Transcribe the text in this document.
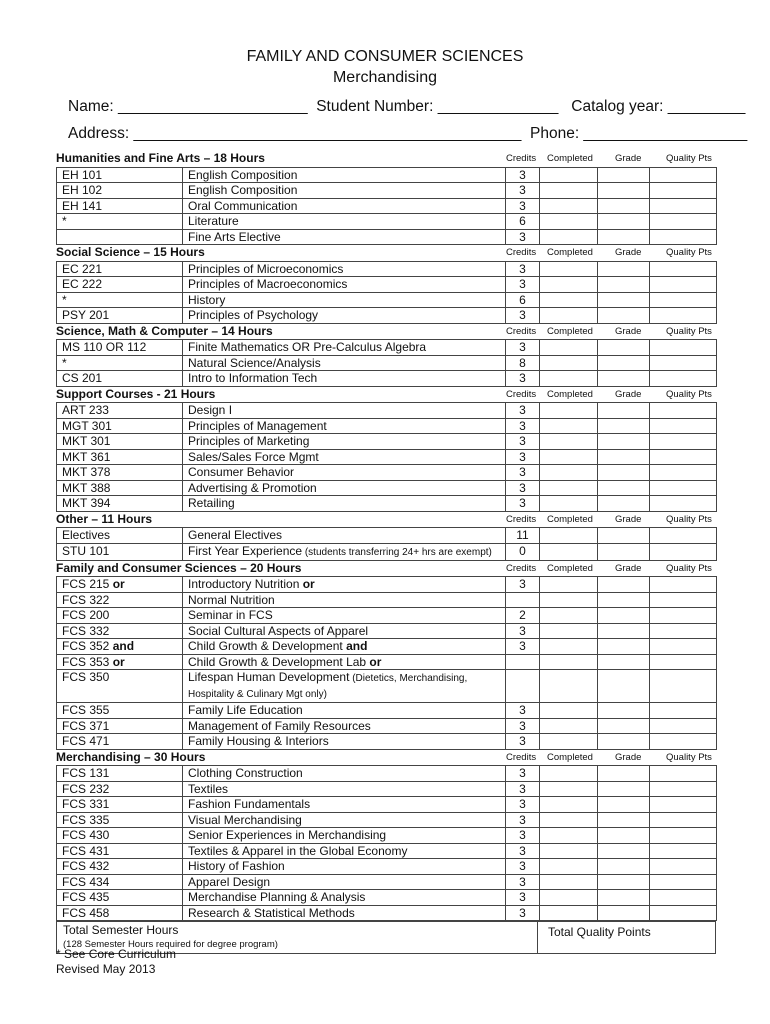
FAMILY AND CONSUMER SCIENCES
Merchandising
Name: ______________________  Student Number: ______________   Catalog year: _________
Address: _____________________________________________  Phone: ___________________
Humanities and Fine Arts – 18 Hours	Credits Completed Grade	Quality Pts
EH 101	English Composition	3			
EH 102	English Composition	3			
EH 141	Oral Communication	3			
*	Literature	6			
	Fine Arts Elective	3			
Social Science – 15 Hours	Credits Completed Grade	Quality Pts
EC 221	Principles of Microeconomics	3			
EC 222	Principles of Macroeconomics	3			
*	History	6			
PSY 201	Principles of Psychology	3			
Science, Math & Computer – 14 Hours	Credits Completed Grade	Quality Pts
MS 110 OR 112	Finite Mathematics OR Pre-Calculus Algebra	3			
*	Natural Science/Analysis	8			
CS 201	Intro to Information Tech	3			
Support Courses - 21 Hours	Credits Completed Grade	Quality Pts
ART 233	Design I	3			
MGT 301	Principles of Management	3			
MKT 301	Principles of Marketing	3			
MKT 361	Sales/Sales Force Mgmt	3			
MKT 378	Consumer Behavior	3			
MKT 388	Advertising & Promotion	3			
MKT 394	Retailing	3			
Other – 11 Hours	Credits Completed Grade	Quality Pts
Electives	General Electives	11			
STU 101	First Year Experience (students transferring 24+ hrs are exempt)	0			
Family and Consumer Sciences – 20 Hours	Credits Completed Grade	Quality Pts
FCS 215 or	Introductory Nutrition or	3			
FCS 322	Normal Nutrition				
FCS 200	Seminar in FCS	2			
FCS 332	Social Cultural Aspects of Apparel	3			
FCS 352 and	Child Growth & Development and	3			
FCS 353 or	Child Growth & Development Lab or				
FCS 350	Lifespan Human Development (Dietetics, Merchandising,
Hospitality & Culinary Mgt only)				
FCS 355	Family Life Education	3			
FCS 371	Management of Family Resources	3			
FCS 471	Family Housing & Interiors	3			
Merchandising – 30 Hours	Credits Completed Grade	Quality Pts
FCS 131	Clothing Construction	3			
FCS 232	Textiles	3			
FCS 331	Fashion Fundamentals	3			
FCS 335	Visual Merchandising	3			
FCS 430	Senior Experiences in Merchandising	3			
FCS 431	Textiles & Apparel in the Global Economy	3			
FCS 432	History of Fashion	3			
FCS 434	Apparel Design	3			
FCS 435	Merchandise Planning & Analysis	3			
FCS 458	Research & Statistical Methods	3			
Total Semester Hours
(128 Semester Hours required for degree program)
Total Quality Points
* See Core Curriculum
Revised May 2013
